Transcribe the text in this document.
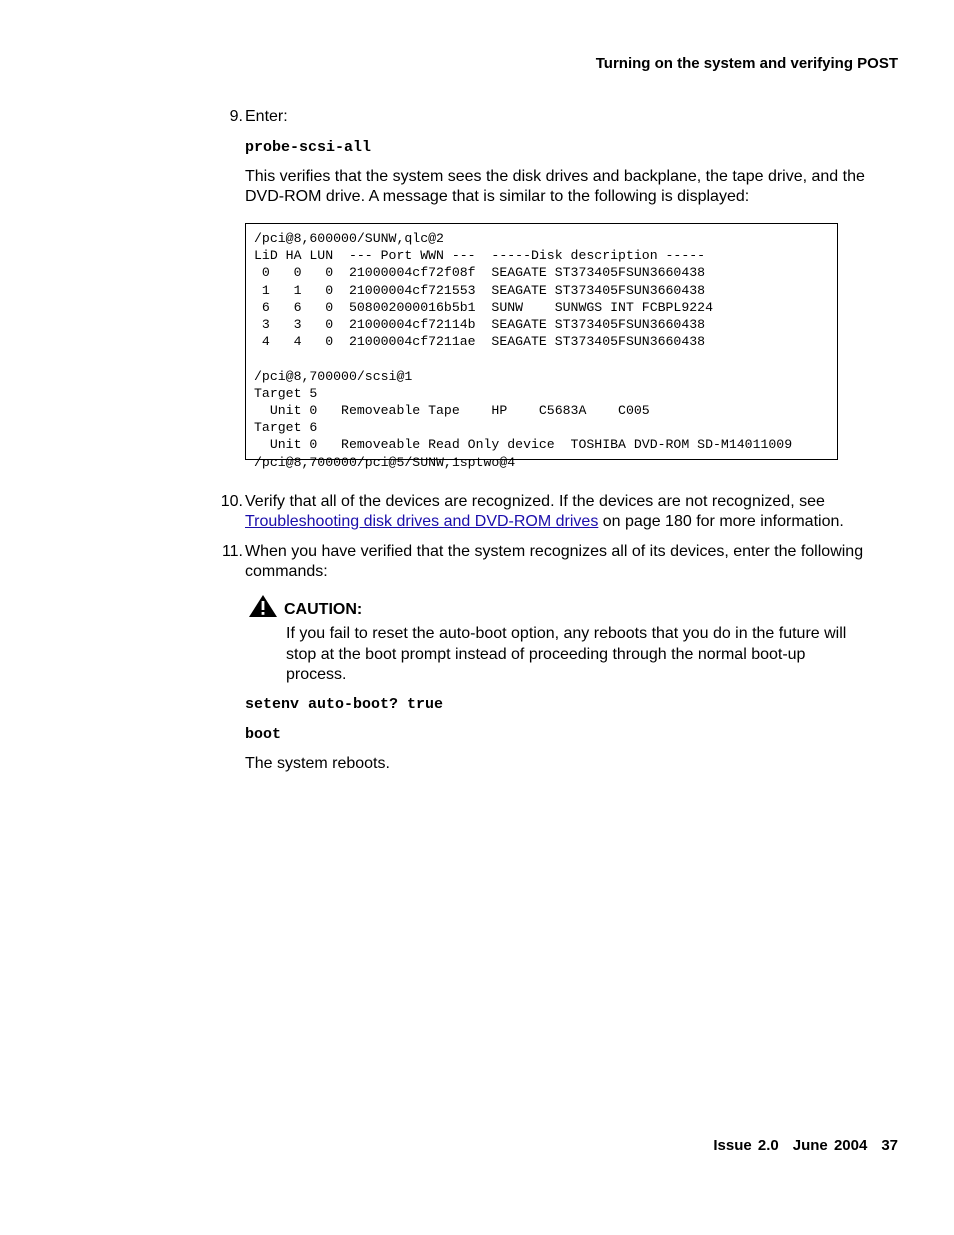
Turning on the system and verifying POST
9. Enter:
probe-scsi-all
This verifies that the system sees the disk drives and backplane, the tape drive, and the DVD-ROM drive. A message that is similar to the following is displayed:
/pci@8,600000/SUNW,qlc@2
LiD HA LUN  --- Port WWN ---  -----Disk description -----
0   0   0  21000004cf72f08f  SEAGATE ST373405FSUN3660438
1   1   0  21000004cf721553  SEAGATE ST373405FSUN3660438
6   6   0  508002000016b5b1  SUNW    SUNWGS INT FCBPL9224
3   3   0  21000004cf72114b  SEAGATE ST373405FSUN3660438
4   4   0  21000004cf7211ae  SEAGATE ST373405FSUN3660438

/pci@8,700000/scsi@1
Target 5
Unit 0   Removeable Tape    HP    C5683A    C005
Target 6
Unit 0   Removeable Read Only device  TOSHIBA DVD-ROM SD-M14011009
/pci@8,700000/pci@5/SUNW,1sptwo@4
10. Verify that all of the devices are recognized. If the devices are not recognized, see Troubleshooting disk drives and DVD-ROM drives on page 180 for more information.
11. When you have verified that the system recognizes all of its devices, enter the following commands:
CAUTION:
If you fail to reset the auto-boot option, any reboots that you do in the future will stop at the boot prompt instead of proceeding through the normal boot-up process.
setenv auto-boot? true
boot
The system reboots.
Issue 2.0 June 2004 37
